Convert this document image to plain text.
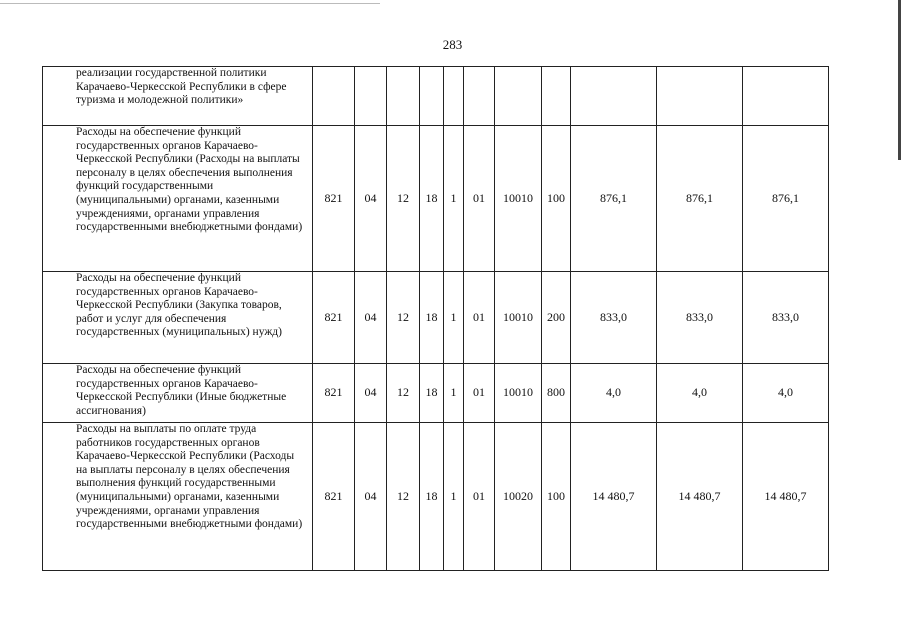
283
реализации государственной политики Карачаево-Черкесской Республики в сфере туризма и молодежной политики»											
Расходы на обеспечение функций государственных органов Карачаево-Черкесской Республики (Расходы на выплаты персоналу в целях обеспечения выполнения функций государственными (муниципальными) органами, казенными учреждениями, органами управления государственными внебюджетными фондами)	821	04	12	18	1	01	10010	100	876,1	876,1	876,1
Расходы на обеспечение функций государственных органов Карачаево-Черкесской Республики (Закупка товаров, работ и услуг для обеспечения государственных (муниципальных) нужд)	821	04	12	18	1	01	10010	200	833,0	833,0	833,0
Расходы на обеспечение функций государственных органов Карачаево-Черкесской Республики (Иные бюджетные ассигнования)	821	04	12	18	1	01	10010	800	4,0	4,0	4,0
Расходы на выплаты по оплате труда работников государственных органов Карачаево-Черкесской Республики (Расходы на выплаты персоналу в целях обеспечения выполнения функций государственными (муниципальными) органами, казенными учреждениями, органами управления государственными внебюджетными фондами)	821	04	12	18	1	01	10020	100	14 480,7	14 480,7	14 480,7
